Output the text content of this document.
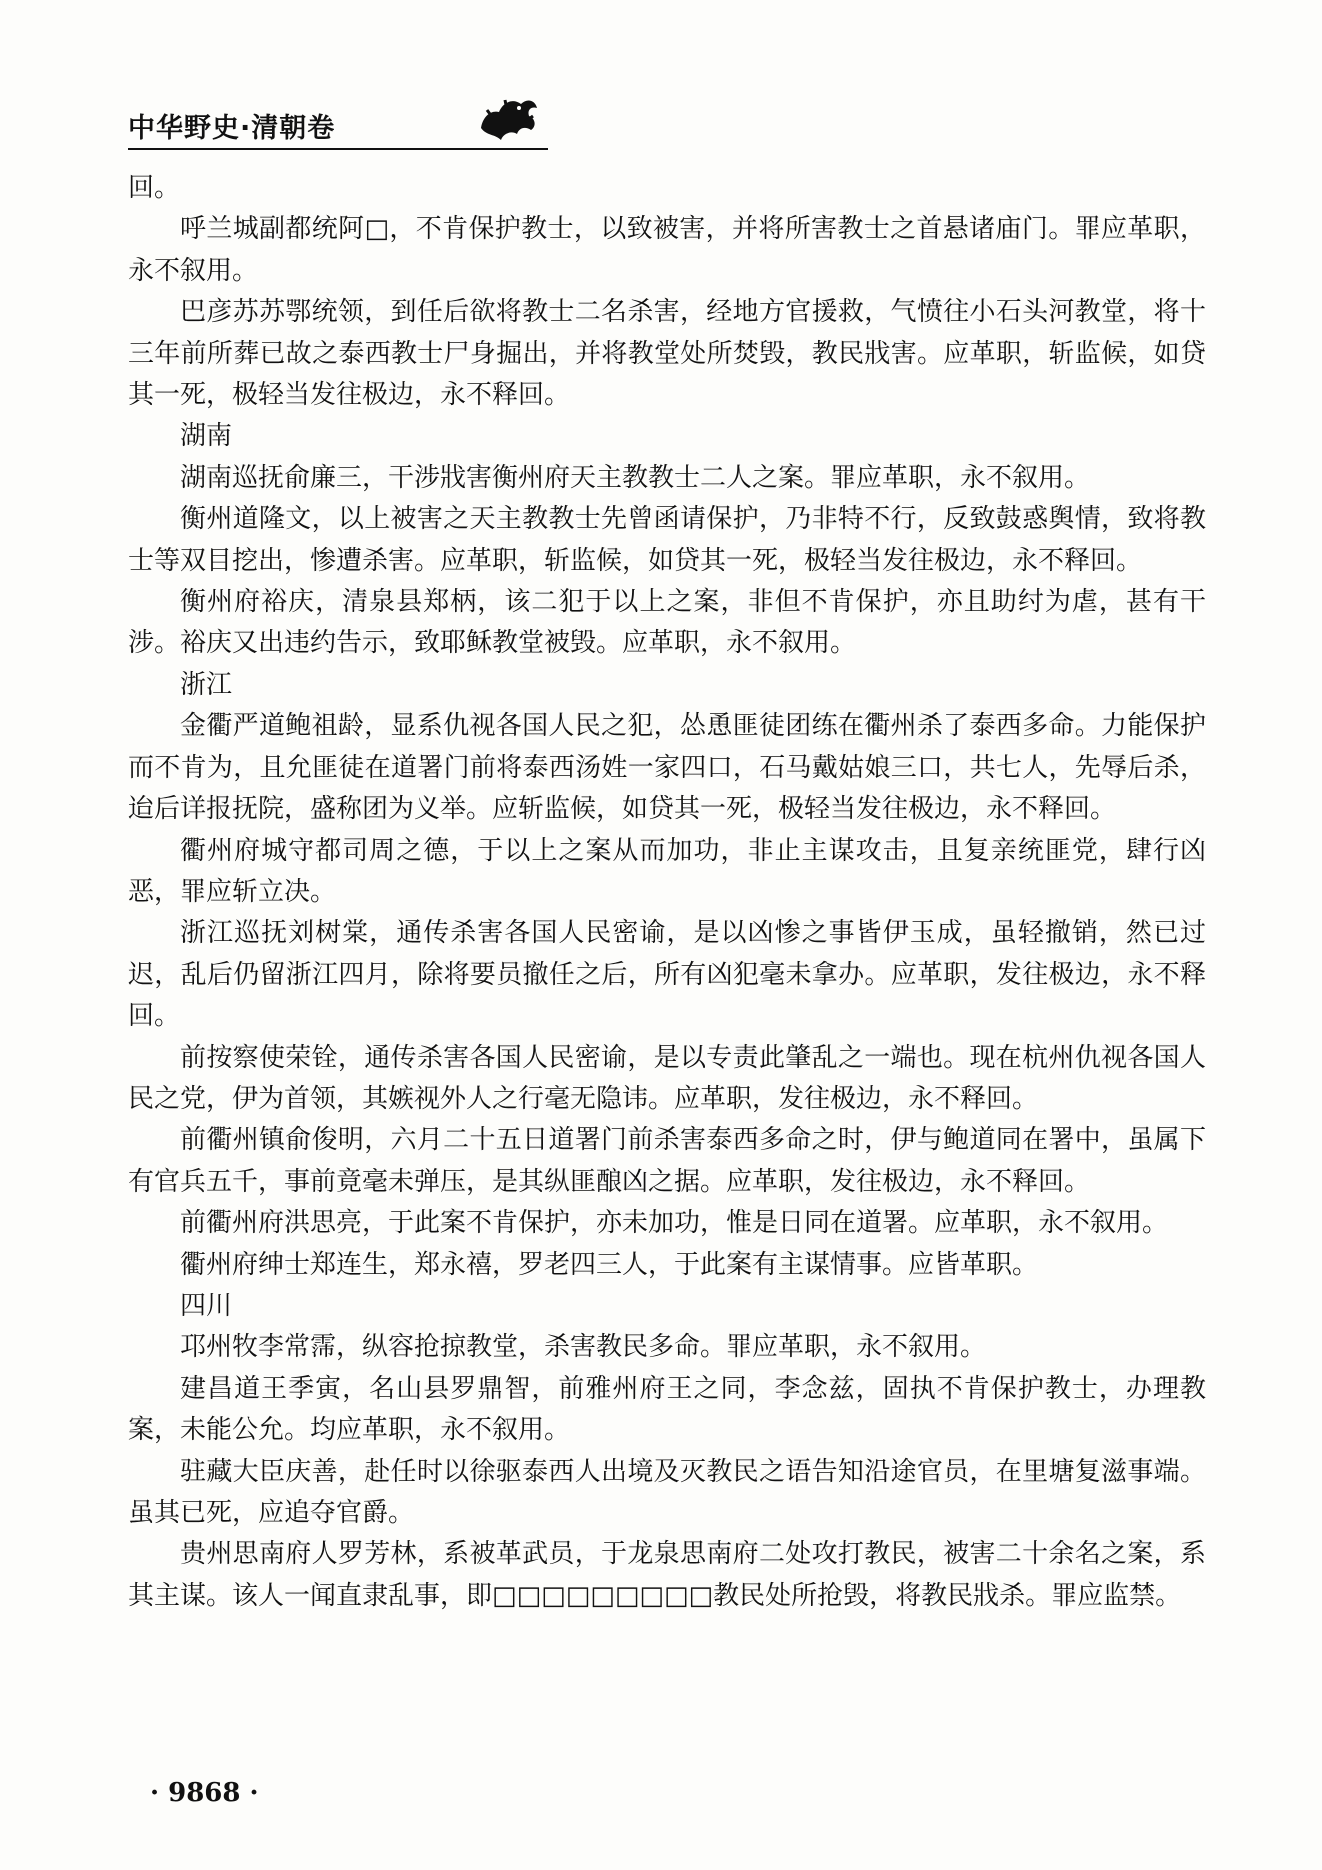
中华野史·清朝卷

回。

呼兰城副都统阿□，不肯保护教士，以致被害，并将所害教士之首悬诸庙门。罪应革职，永不叙用。

巴彦苏苏鄂统领，到任后欲将教士二名杀害，经地方官援救，气愤往小石头河教堂，将十三年前所葬已故之泰西教士尸身掘出，并将教堂处所焚毁，教民戕害。应革职，斩监候，如贷其一死，极轻当发往极边，永不释回。

湖南

湖南巡抚俞廉三，干涉戕害衡州府天主教教士二人之案。罪应革职，永不叙用。

衡州道隆文，以上被害之天主教教士先曾函请保护，乃非特不行，反致鼓惑舆情，致将教士等双目挖出，惨遭杀害。应革职，斩监候，如贷其一死，极轻当发往极边，永不释回。

衡州府裕庆，清泉县郑柄，该二犯于以上之案，非但不肯保护，亦且助纣为虐，甚有干涉。裕庆又出违约告示，致耶稣教堂被毁。应革职，永不叙用。

浙江

金衢严道鲍祖龄，显系仇视各国人民之犯，怂恿匪徒团练在衢州杀了泰西多命。力能保护而不肯为，且允匪徒在道署门前将泰西汤姓一家四口，石马戴姑娘三口，共七人，先辱后杀，迨后详报抚院，盛称团为义举。应斩监候，如贷其一死，极轻当发往极边，永不释回。

衢州府城守都司周之德，于以上之案从而加功，非止主谋攻击，且复亲统匪党，肆行凶恶，罪应斩立决。

浙江巡抚刘树棠，通传杀害各国人民密谕，是以凶惨之事皆伊玉成，虽轻撤销，然已过迟，乱后仍留浙江四月，除将要员撤任之后，所有凶犯毫未拿办。应革职，发往极边，永不释回。

前按察使荣铨，通传杀害各国人民密谕，是以专责此肇乱之一端也。现在杭州仇视各国人民之党，伊为首领，其嫉视外人之行毫无隐讳。应革职，发往极边，永不释回。

前衢州镇俞俊明，六月二十五日道署门前杀害泰西多命之时，伊与鲍道同在署中，虽属下有官兵五千，事前竟毫未弹压，是其纵匪酿凶之据。应革职，发往极边，永不释回。

前衢州府洪思亮，于此案不肯保护，亦未加功，惟是日同在道署。应革职，永不叙用。

衢州府绅士郑连生，郑永禧，罗老四三人，于此案有主谋情事。应皆革职。

四川

邛州牧李常霈，纵容抢掠教堂，杀害教民多命。罪应革职，永不叙用。

建昌道王季寅，名山县罗鼎智，前雅州府王之同，李念兹，固执不肯保护教士，办理教案，未能公允。均应革职，永不叙用。

驻藏大臣庆善，赴任时以徐驱泰西人出境及灭教民之语告知沿途官员，在里塘复滋事端。虽其已死，应追夺官爵。

贵州思南府人罗芳林，系被革武员，于龙泉思南府二处攻打教民，被害二十余名之案，系其主谋。该人一闻直隶乱事，即□□□□□□□□□教民处所抢毁，将教民戕杀。罪应监禁。

· 9868 ·
